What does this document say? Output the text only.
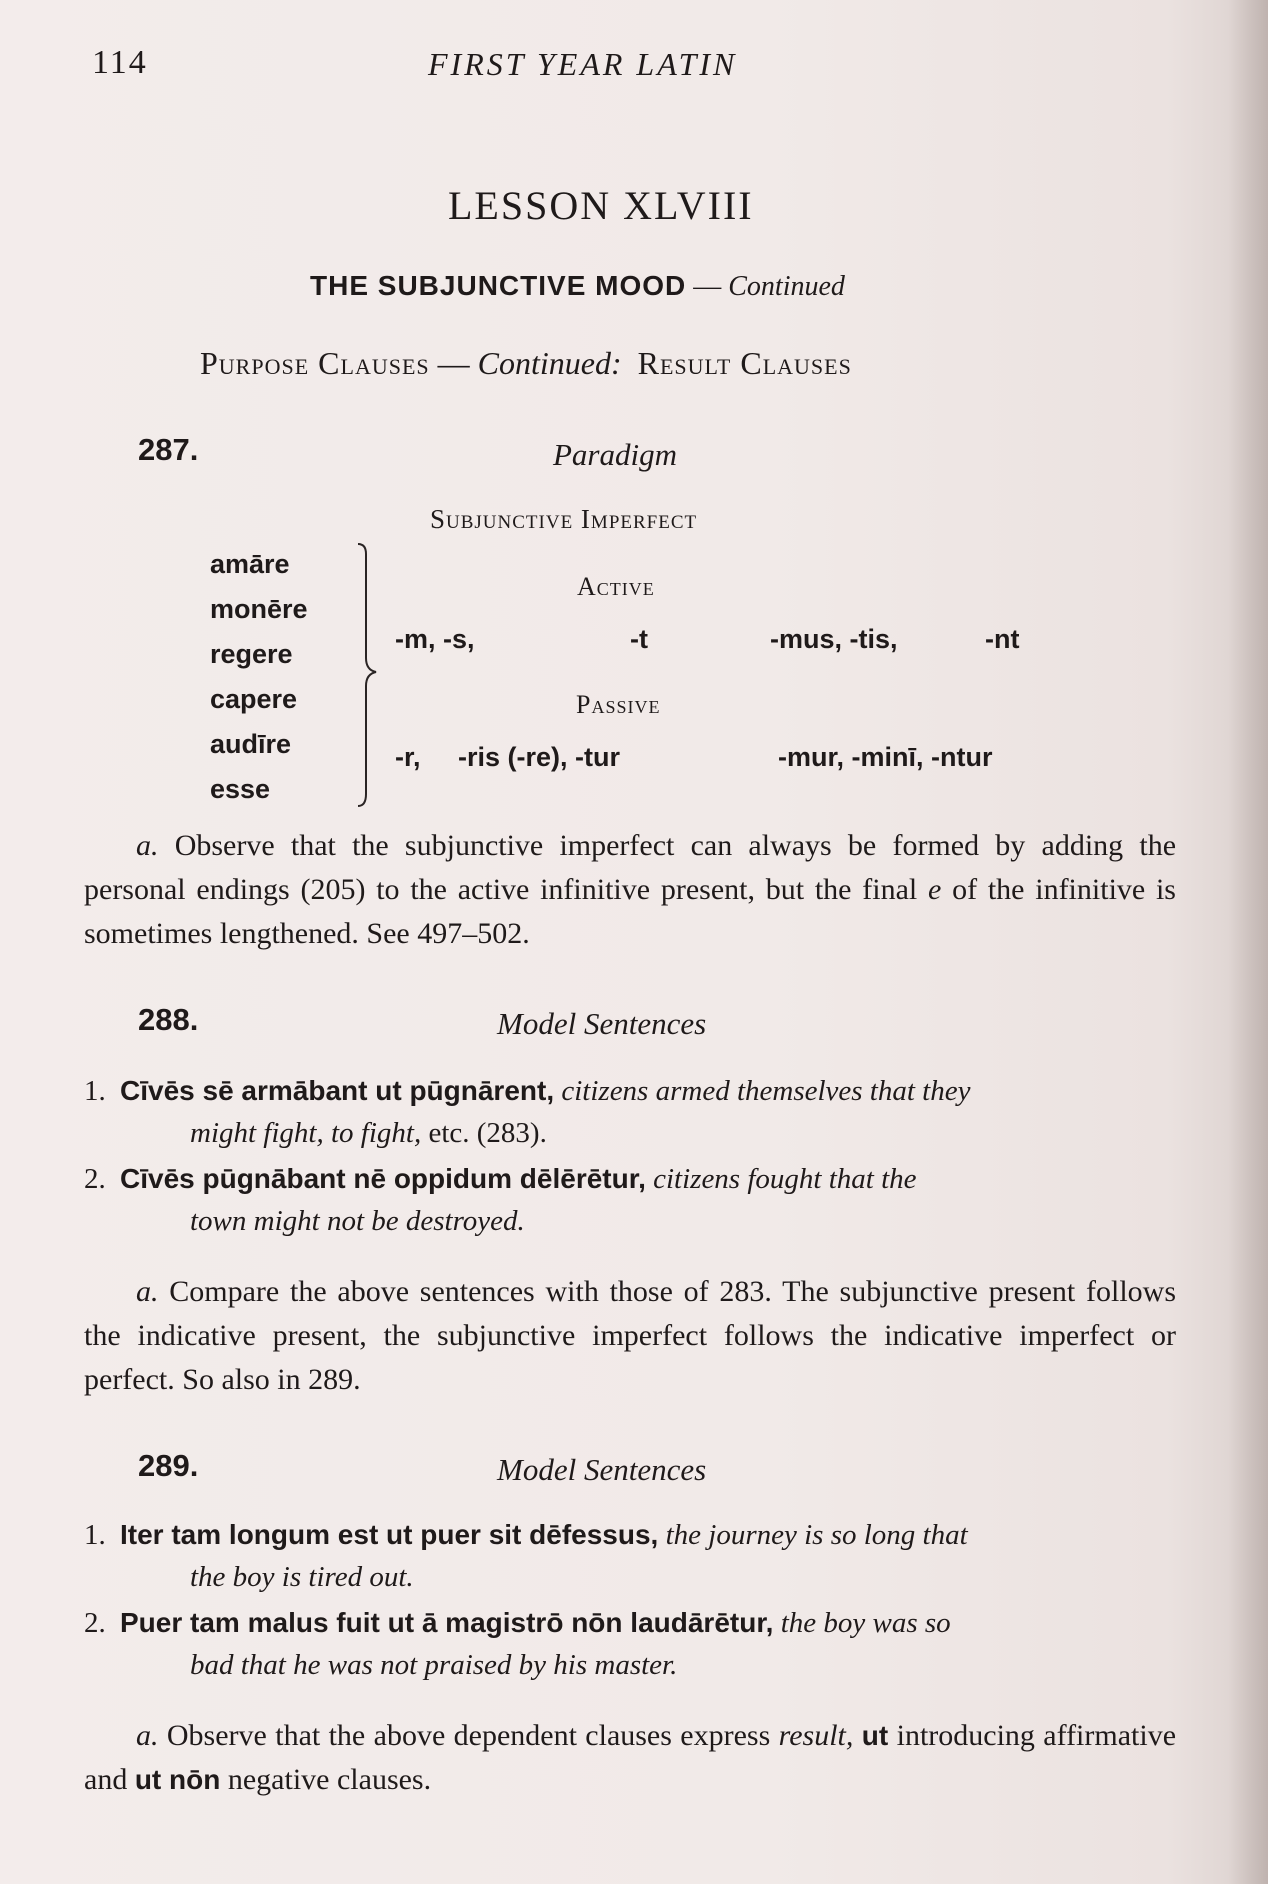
114	FIRST YEAR LATIN
LESSON XLVIII
THE SUBJUNCTIVE MOOD — Continued
Purpose Clauses — Continued: Result Clauses
287.	Paradigm
Subjunctive Imperfect
amāre
monēre
regere
capere
audīre
esse
Active
-m, -s,	-t	-mus, -tis,	-nt
Passive
-r, -ris (-re), -tur	-mur, -minī, -ntur
a. Observe that the subjunctive imperfect can always be formed by adding the personal endings (205) to the active infinitive present, but the final e of the infinitive is sometimes lengthened. See 497–502.
288.	Model Sentences
1. Cīvēs sē armābant ut pūgnārent, citizens armed themselves that they
might fight, to fight, etc. (283).
2. Cīvēs pūgnābant nē oppidum dēlērētur, citizens fought that the
town might not be destroyed.
a. Compare the above sentences with those of 283. The subjunctive present follows the indicative present, the subjunctive imperfect follows the indicative imperfect or perfect. So also in 289.
289.	Model Sentences
1. Iter tam longum est ut puer sit dēfessus, the journey is so long that
the boy is tired out.
2. Puer tam malus fuit ut ā magistrō nōn laudārētur, the boy was so
bad that he was not praised by his master.
a. Observe that the above dependent clauses express result, ut introducing affirmative and ut nōn negative clauses.
